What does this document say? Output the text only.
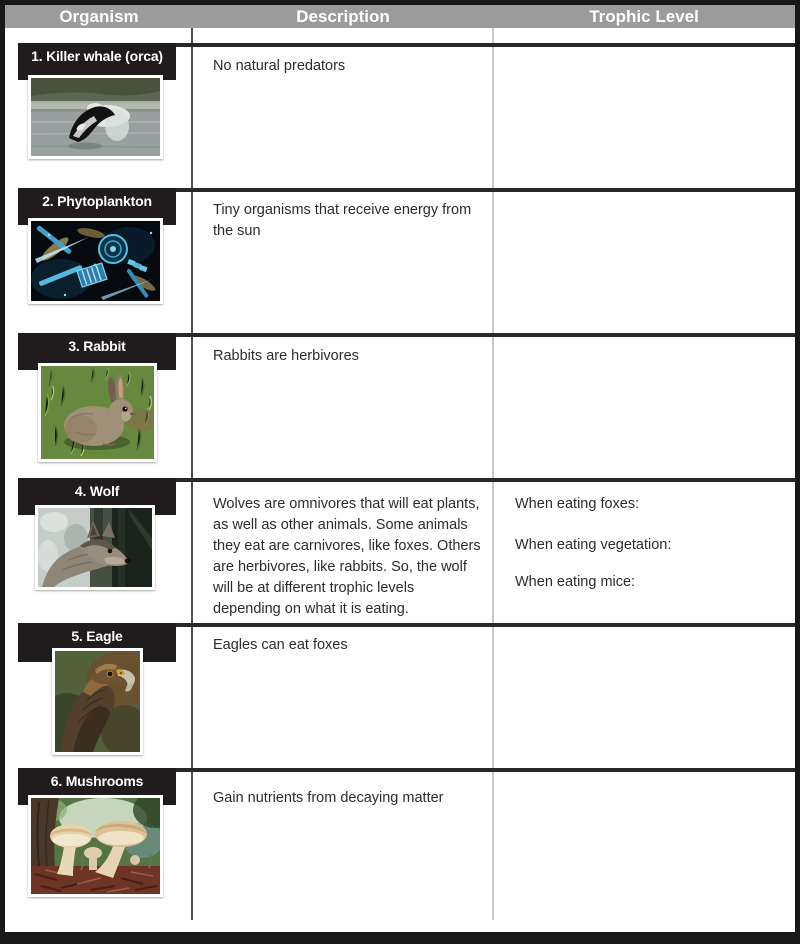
Organism	Description	Trophic Level
1. Killer whale (orca)
No natural predators
2. Phytoplankton
Tiny organisms that receive energy from the sun
3. Rabbit
Rabbits are herbivores
4. Wolf
Wolves are omnivores that will eat plants, as well as other animals. Some animals they eat are carnivores, like foxes. Others are herbivores, like rabbits. So, the wolf will be at different trophic levels depending on what it is eating.
When eating foxes:
When eating vegetation:
When eating mice:
5. Eagle
Eagles can eat foxes
6. Mushrooms
Gain nutrients from decaying matter
